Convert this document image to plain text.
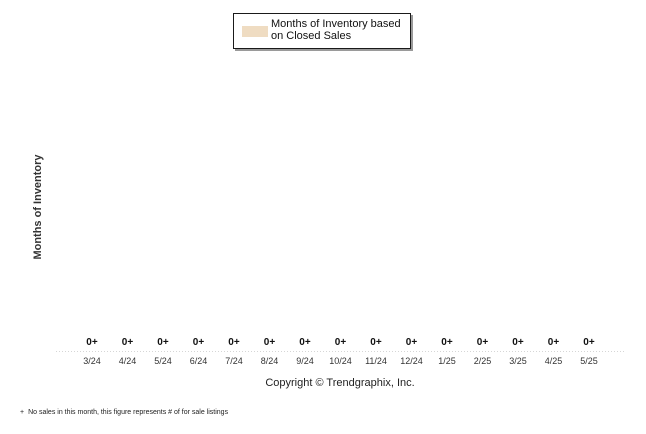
Months of Inventory based on Closed Sales
Months of Inventory
0+ 0+ 0+ 0+ 0+ 0+ 0+ 0+ 0+ 0+ 0+ 0+ 0+ 0+ 0+
3/24 4/24 5/24 6/24 7/24 8/24 9/24 10/24 11/24 12/24 1/25 2/25 3/25 4/25 5/25
Copyright © Trendgraphix, Inc.
+ No sales in this month, this figure represents # of for sale listings
